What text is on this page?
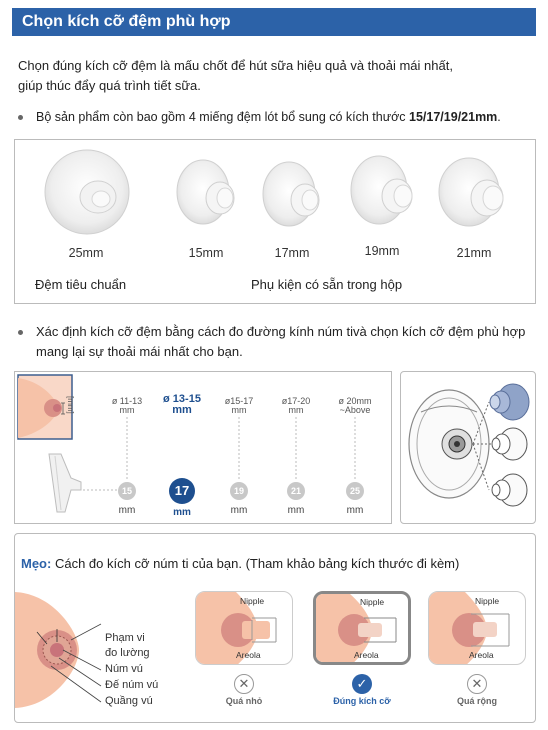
Chọn kích cỡ đệm phù hợp
Chọn đúng kích cỡ đệm là mấu chốt để hút sữa hiệu quả và thoải mái nhất,
giúp thúc đẩy quá trình tiết sữa.
Bộ sản phẩm còn bao gồm 4 miếng đệm lót bổ sung có kích thước 15/17/19/21mm.
25mm	15mm	17mm	19mm	21mm
Đệm tiêu chuẩn	Phụ kiện có sẵn trong hộp
Xác định kích cỡ đệm bằng cách đo đường kính núm tivà chọn kích cỡ đệm phù hợp
mang lại sự thoải mái nhất cho bạn.
[mm]	ø 11-13
mm
ø 13-15
mm
ø15-17
mm
ø17-20
mm
ø 20mm
~Above
15	17	19	21	25
mm	mm	mm	mm	mm
Mẹo: Cách đo kích cỡ núm ti của bạn. (Tham khảo bảng kích thước đi kèm)
Phạm vi
đo lường
Núm vú
Đế núm vú
Quầng vú
Nipple
Areola
✕
Quá nhỏ
Nipple
Areola
✓
Đúng kích cỡ
Nipple
Areola
✕
Quá rộng
